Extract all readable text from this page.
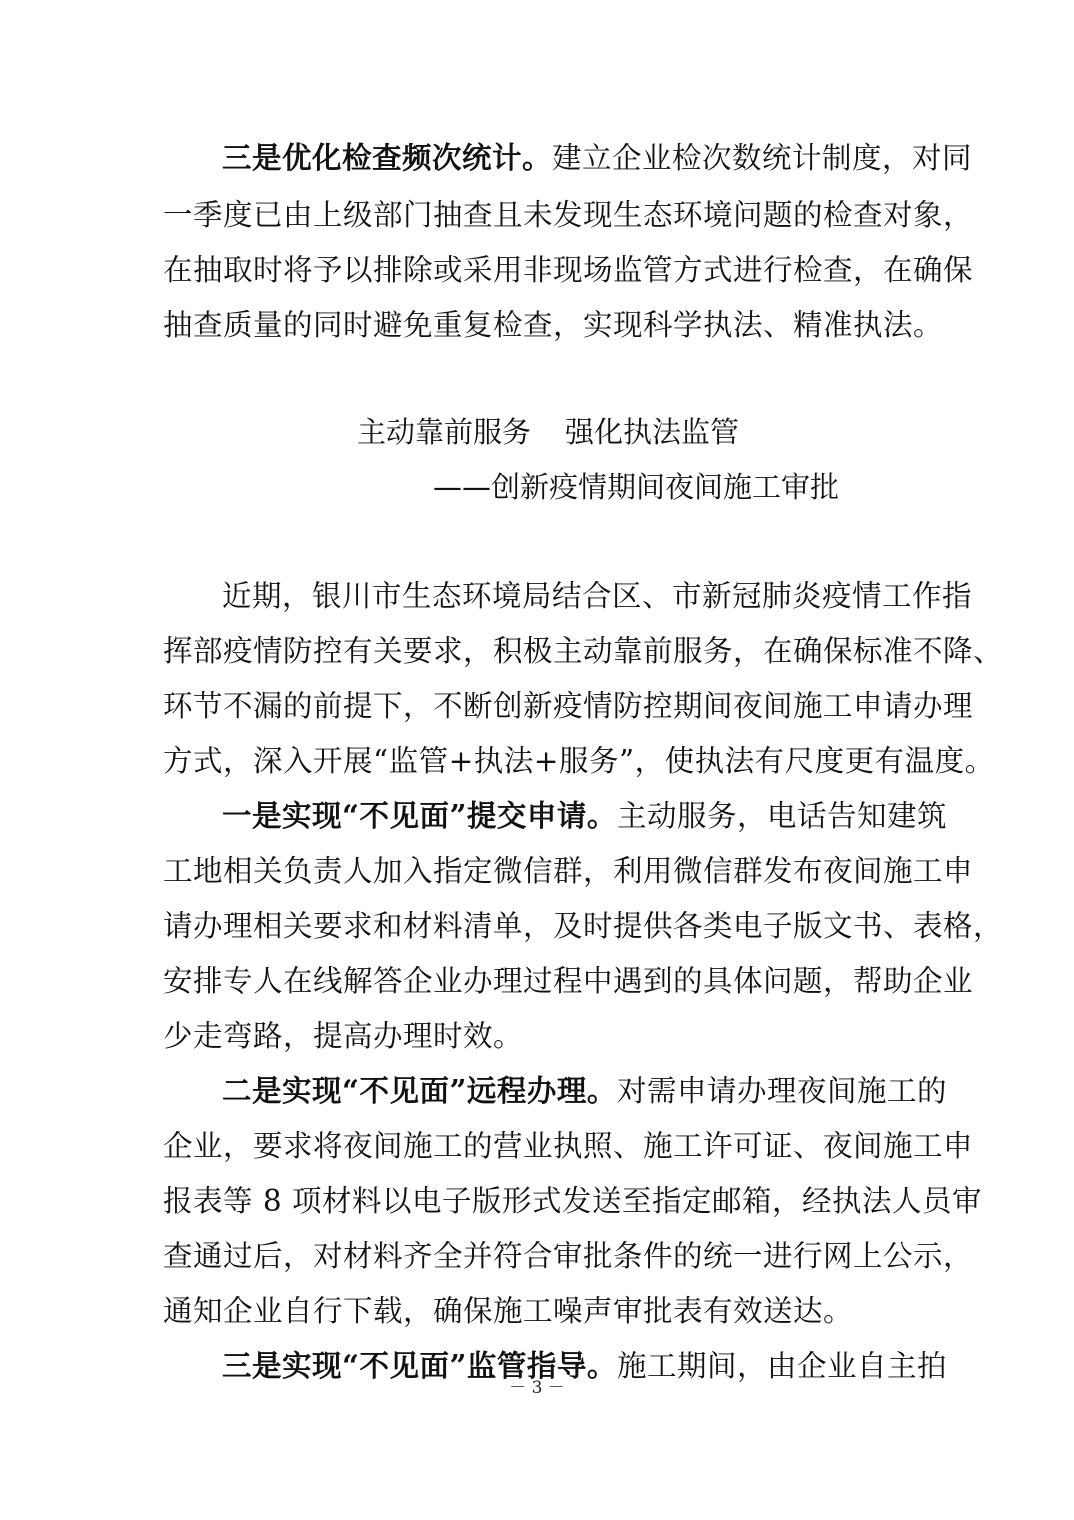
三是优化检查频次统计。建立企业检次数统计制度，对同
一季度已由上级部门抽查且未发现生态环境问题的检查对象，
在抽取时将予以排除或采用非现场监管方式进行检查，在确保
抽查质量的同时避免重复检查，实现科学执法、精准执法。
主动靠前服务 强化执法监管
——创新疫情期间夜间施工审批
近期，银川市生态环境局结合区、市新冠肺炎疫情工作指
挥部疫情防控有关要求，积极主动靠前服务，在确保标准不降、
环节不漏的前提下，不断创新疫情防控期间夜间施工申请办理
方式，深入开展“监管+执法+服务”，使执法有尺度更有温度。
一是实现“不见面”提交申请。主动服务，电话告知建筑
工地相关负责人加入指定微信群，利用微信群发布夜间施工申
请办理相关要求和材料清单，及时提供各类电子版文书、表格，
安排专人在线解答企业办理过程中遇到的具体问题，帮助企业
少走弯路，提高办理时效。
二是实现“不见面”远程办理。对需申请办理夜间施工的
企业，要求将夜间施工的营业执照、施工许可证、夜间施工申
报表等 8 项材料以电子版形式发送至指定邮箱，经执法人员审
查通过后，对材料齐全并符合审批条件的统一进行网上公示，
通知企业自行下载，确保施工噪声审批表有效送达。
三是实现“不见面”监管指导。施工期间，由企业自主拍
－ 3 －
